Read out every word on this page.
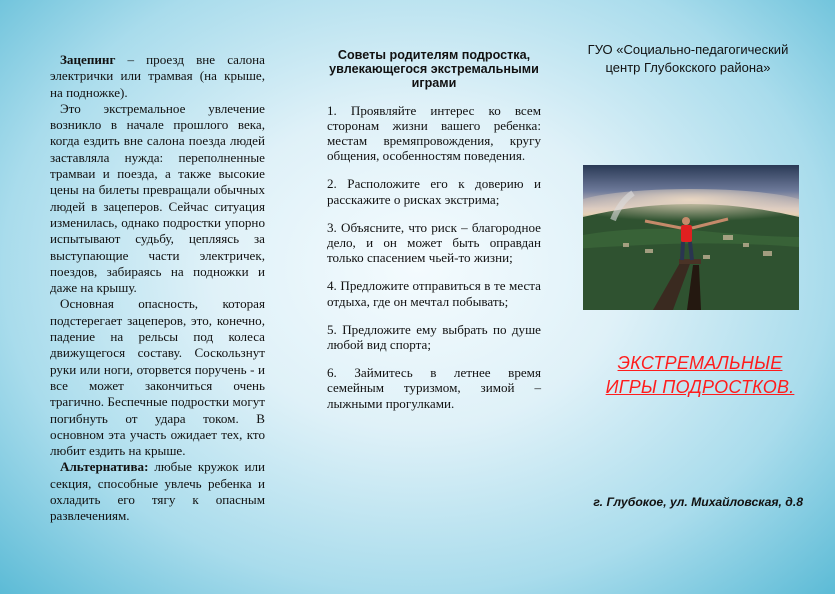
Зацепинг – проезд вне салона электрички или трамвая (на крыше, на подножке).

Это экстремальное увлечение возникло в начале прошлого века, когда ездить вне салона поезда людей заставляла нужда: переполненные трамваи и поезда, а также высокие цены на билеты превращали обычных людей в зацеперов. Сейчас ситуация изменилась, однако подростки упорно испытывают судьбу, цепляясь за выступающие части электричек, поездов, забираясь на подножки и даже на крышу.

Основная опасность, которая подстерегает зацеперов, это, конечно, падение на рельсы под колеса движущегося составу. Соскользнут руки или ноги, оторвется поручень - и все может закончиться очень трагично. Беспечные подростки могут погибнуть от удара током. В основном эта участь ожидает тех, кто любит ездить на крыше.

Альтернатива: любые кружок или секция, способные увлечь ребенка и охладить его тягу к опасным развлечениям.

Советы родителям подростка, увлекающегося экстремальными играми

1. Проявляйте интерес ко всем сторонам жизни вашего ребенка: местам времяпровождения, кругу общения, особенностям поведения.

2. Расположите его к доверию и расскажите о рисках экстрима;

3. Объясните, что риск – благородное дело, и он может быть оправдан только спасением чьей-то жизни;

4. Предложите отправиться в те места отдыха, где он мечтал побывать;

5. Предложите ему выбрать по душе любой вид спорта;

6. Займитесь в летнее время семейным туризмом, зимой – лыжными прогулками.

ГУО «Социально-педагогический центр Глубокского района»
ЭКСТРЕМАЛЬНЫЕ ИГРЫ ПОДРОСТКОВ.
г. Глубокое, ул. Михайловская, д.8
